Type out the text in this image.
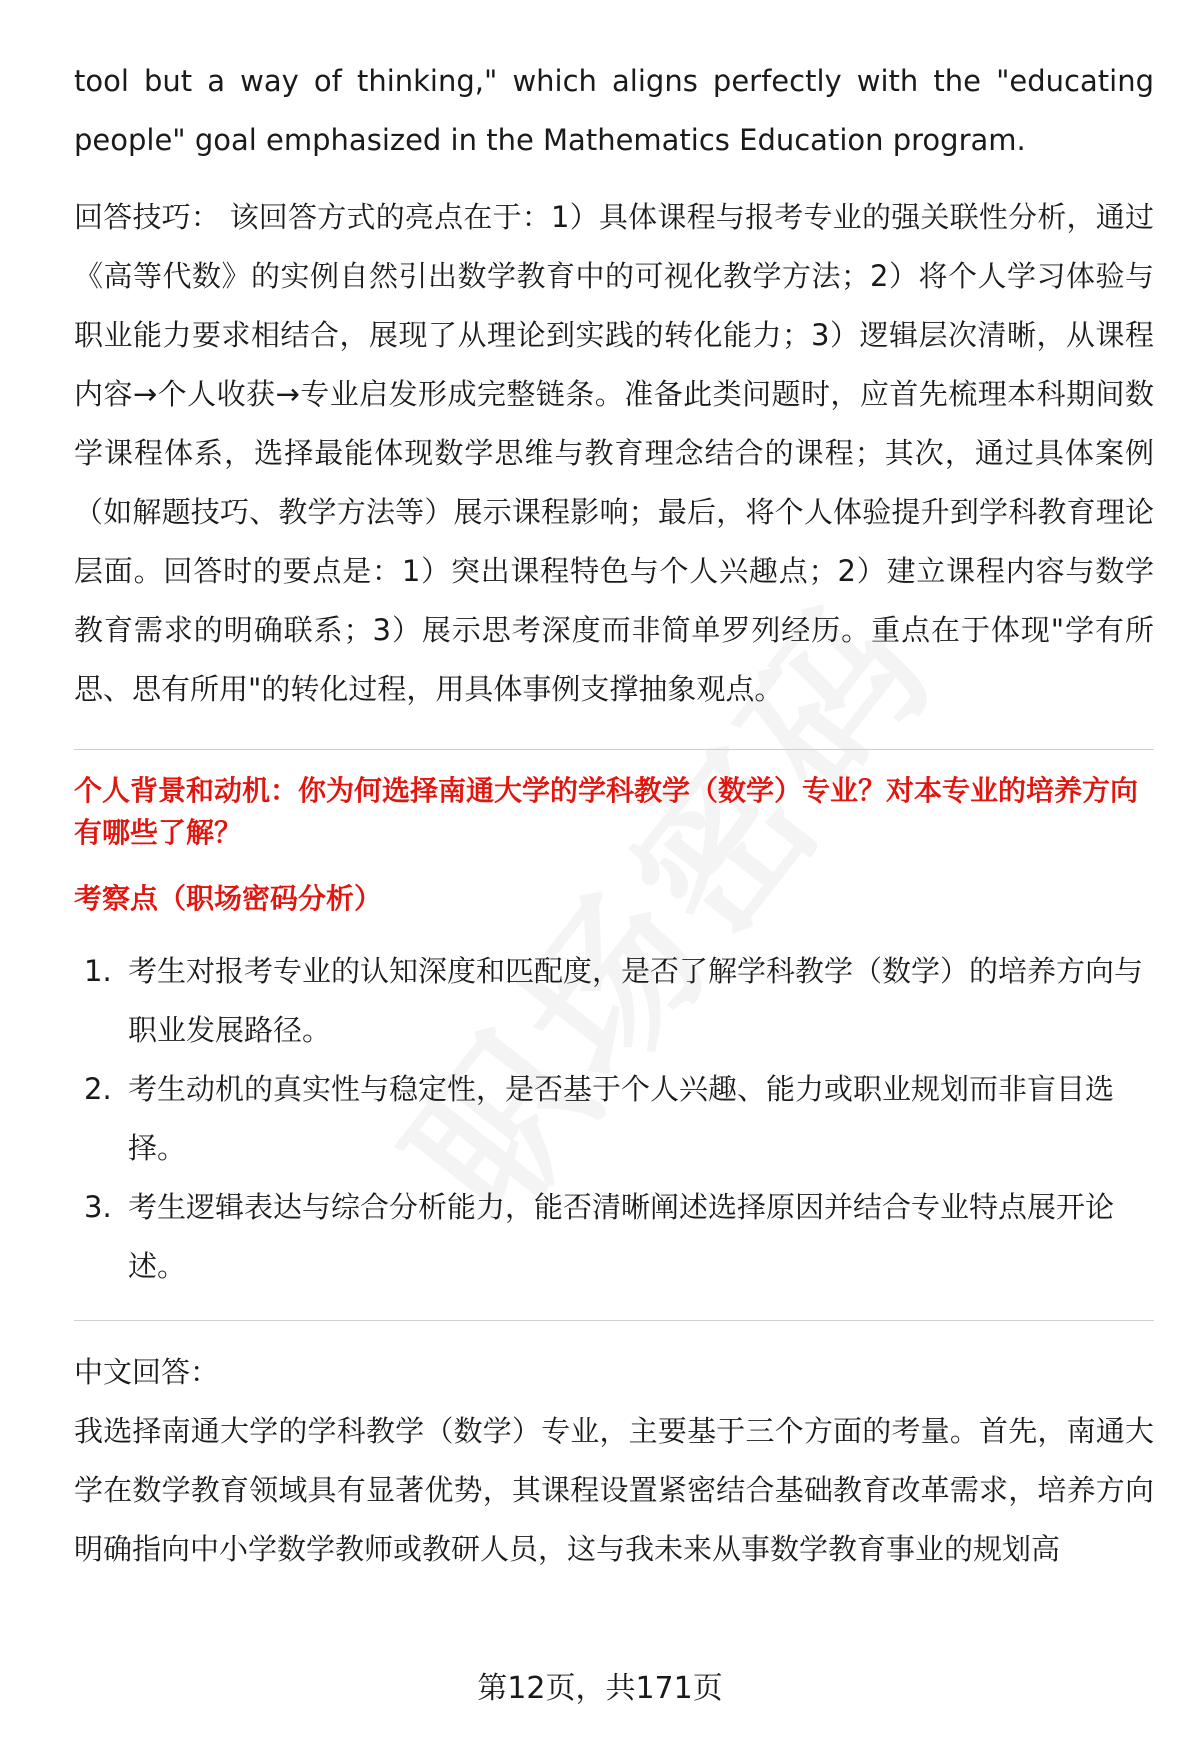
tool but a way of thinking," which aligns perfectly with the "educating people" goal emphasized in the Mathematics Education program.

回答技巧： 该回答方式的亮点在于：1）具体课程与报考专业的强关联性分析，通过《高等代数》的实例自然引出数学教育中的可视化教学方法；2）将个人学习体验与职业能力要求相结合，展现了从理论到实践的转化能力；3）逻辑层次清晰，从课程内容→个人收获→专业启发形成完整链条。准备此类问题时，应首先梳理本科期间数学课程体系，选择最能体现数学思维与教育理念结合的课程；其次，通过具体案例（如解题技巧、教学方法等）展示课程影响；最后，将个人体验提升到学科教育理论层面。回答时的要点是：1）突出课程特色与个人兴趣点；2）建立课程内容与数学教育需求的明确联系；3）展示思考深度而非简单罗列经历。重点在于体现"学有所思、思有所用"的转化过程，用具体事例支撑抽象观点。

个人背景和动机：你为何选择南通大学的学科教学（数学）专业？对本专业的培养方向有哪些了解？
考察点（职场密码分析）
1. 考生对报考专业的认知深度和匹配度，是否了解学科教学（数学）的培养方向与职业发展路径。
2. 考生动机的真实性与稳定性，是否基于个人兴趣、能力或职业规划而非盲目选择。
3. 考生逻辑表达与综合分析能力，能否清晰阐述选择原因并结合专业特点展开论述。

中文回答：

我选择南通大学的学科教学（数学）专业，主要基于三个方面的考量。首先，南通大学在数学教育领域具有显著优势，其课程设置紧密结合基础教育改革需求，培养方向明确指向中小学数学教师或教研人员，这与我未来从事数学教育事业的规划高

第12页，共171页
